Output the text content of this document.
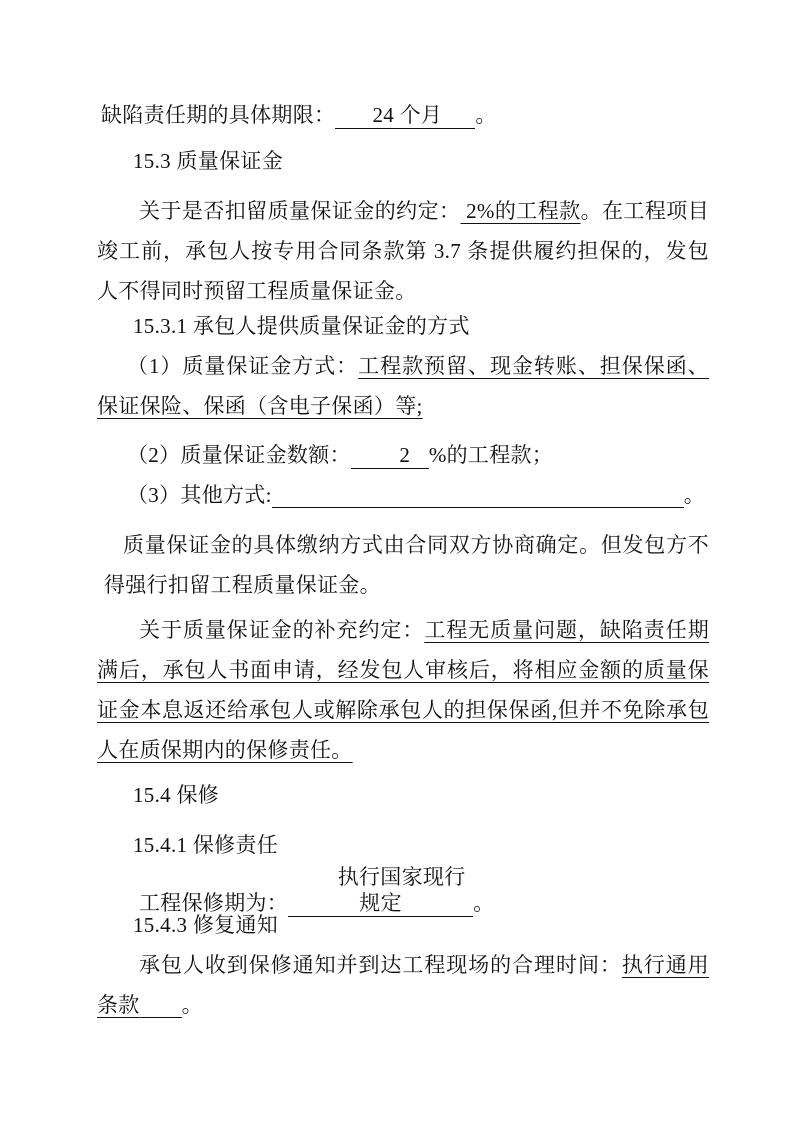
缺陷责任期的具体期限： 24 个月 。
15.3 质量保证金
关于是否扣留质量保证金的约定： 2%的工程款。在工程项目竣工前，承包人按专用合同条款第 3.7 条提供履约担保的，发包人不得同时预留工程质量保证金。
15.3.1 承包人提供质量保证金的方式
（1）质量保证金方式：工程款预留、现金转账、担保保函、保证保险、保函（含电子保函）等;
（2）质量保证金数额： 2 %的工程款；
（3）其他方式:	。
质量保证金的具体缴纳方式由合同双方协商确定。但发包方不得强行扣留工程质量保证金。
关于质量保证金的补充约定：工程无质量问题，缺陷责任期满后，承包人书面申请，经发包人审核后，将相应金额的质量保证金本息返还给承包人或解除承包人的担保保函,但并不免除承包人在质保期内的保修责任。
15.4 保修
15.4.1 保修责任
工程保修期为：执行国家现行规定	。
15.4.3 修复通知
承包人收到保修通知并到达工程现场的合理时间：执行通用条款 。
